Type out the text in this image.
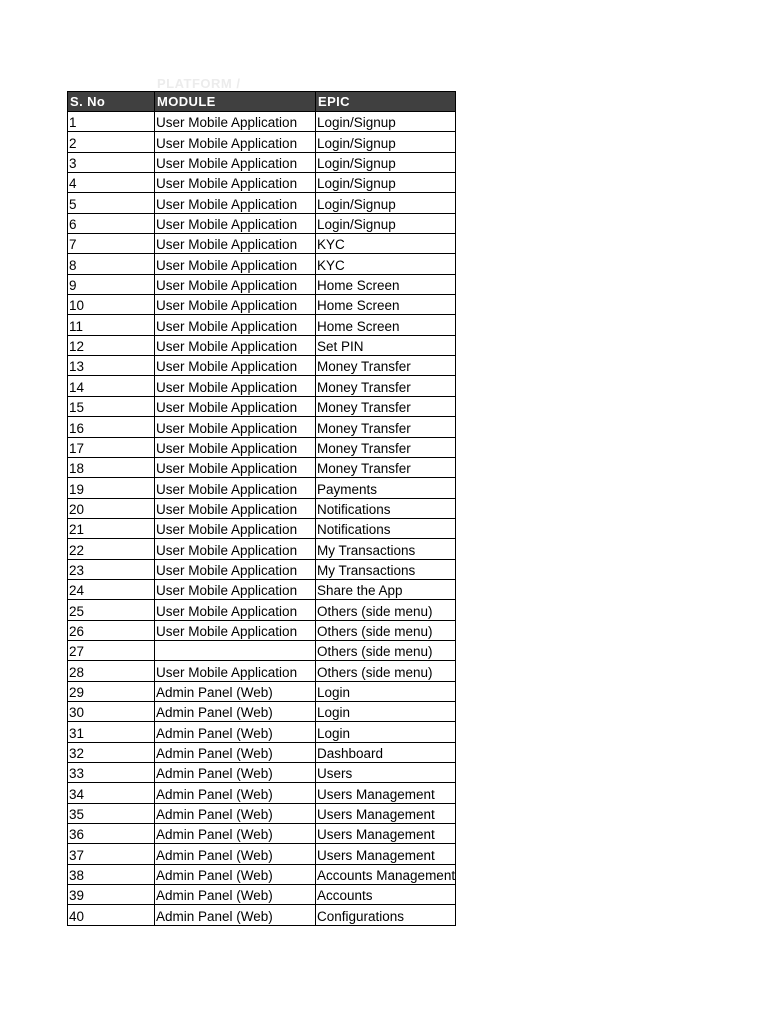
PLATFORM /
S. No	MODULE	EPIC
1	User Mobile Application	Login/Signup
2	User Mobile Application	Login/Signup
3	User Mobile Application	Login/Signup
4	User Mobile Application	Login/Signup
5	User Mobile Application	Login/Signup
6	User Mobile Application	Login/Signup
7	User Mobile Application	KYC
8	User Mobile Application	KYC
9	User Mobile Application	Home Screen
10	User Mobile Application	Home Screen
11	User Mobile Application	Home Screen
12	User Mobile Application	Set PIN
13	User Mobile Application	Money Transfer
14	User Mobile Application	Money Transfer
15	User Mobile Application	Money Transfer
16	User Mobile Application	Money Transfer
17	User Mobile Application	Money Transfer
18	User Mobile Application	Money Transfer
19	User Mobile Application	Payments
20	User Mobile Application	Notifications
21	User Mobile Application	Notifications
22	User Mobile Application	My Transactions
23	User Mobile Application	My Transactions
24	User Mobile Application	Share the App
25	User Mobile Application	Others (side menu)
26	User Mobile Application	Others (side menu)
27		Others (side menu)
28	User Mobile Application	Others (side menu)
29	Admin Panel (Web)	Login
30	Admin Panel (Web)	Login
31	Admin Panel (Web)	Login
32	Admin Panel (Web)	Dashboard
33	Admin Panel (Web)	Users
34	Admin Panel (Web)	Users Management
35	Admin Panel (Web)	Users Management
36	Admin Panel (Web)	Users Management
37	Admin Panel (Web)	Users Management
38	Admin Panel (Web)	Accounts Management
39	Admin Panel (Web)	Accounts
40	Admin Panel (Web)	Configurations
